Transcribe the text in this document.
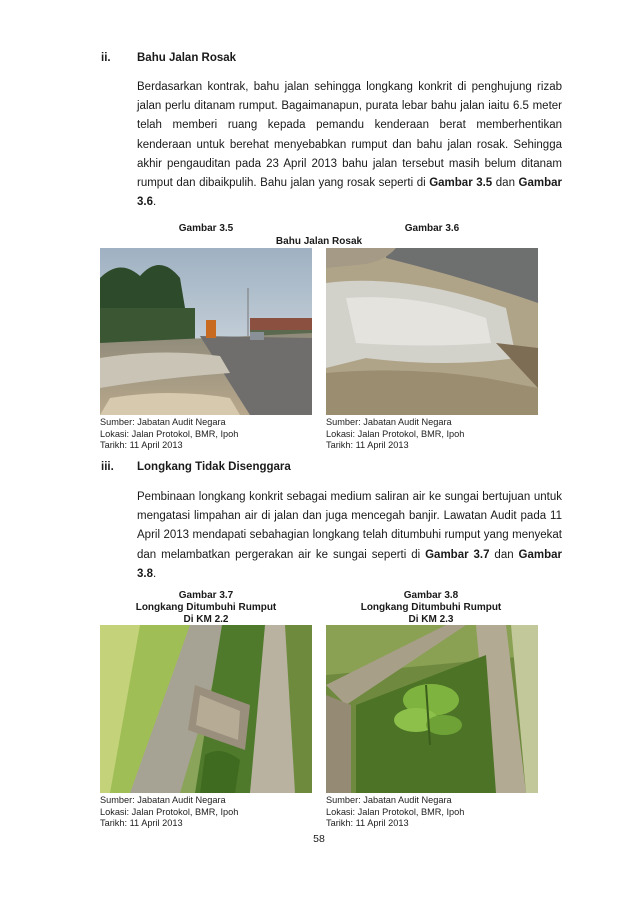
ii. Bahu Jalan Rosak

Berdasarkan kontrak, bahu jalan sehingga longkang konkrit di penghujung rizab jalan perlu ditanam rumput. Bagaimanapun, purata lebar bahu jalan iaitu 6.5 meter telah memberi ruang kepada pemandu kenderaan berat memberhentikan kenderaan untuk berehat menyebabkan rumput dan bahu jalan rosak. Sehingga akhir pengauditan pada 23 April 2013 bahu jalan tersebut masih belum ditanam rumput dan dibaikpulih. Bahu jalan yang rosak seperti di Gambar 3.5 dan Gambar 3.6.

Gambar 3.5	Gambar 3.6
Bahu Jalan Rosak
Sumber: Jabatan Audit Negara
Lokasi: Jalan Protokol, BMR, Ipoh
Tarikh: 11 April 2013
Sumber: Jabatan Audit Negara
Lokasi: Jalan Protokol, BMR, Ipoh
Tarikh: 11 April 2013
iii. Longkang Tidak Disenggara

Pembinaan longkang konkrit sebagai medium saliran air ke sungai bertujuan untuk mengatasi limpahan air di jalan dan juga mencegah banjir. Lawatan Audit pada 11 April 2013 mendapati sebahagian longkang telah ditumbuhi rumput yang menyekat dan melambatkan pergerakan air ke sungai seperti di Gambar 3.7 dan Gambar 3.8.

Gambar 3.7
Longkang Ditumbuhi Rumput
Di KM 2.2
Gambar 3.8
Longkang Ditumbuhi Rumput
Di KM 2.3
Sumber: Jabatan Audit Negara
Lokasi: Jalan Protokol, BMR, Ipoh
Tarikh: 11 April 2013
Sumber: Jabatan Audit Negara
Lokasi: Jalan Protokol, BMR, Ipoh
Tarikh: 11 April 2013
58
